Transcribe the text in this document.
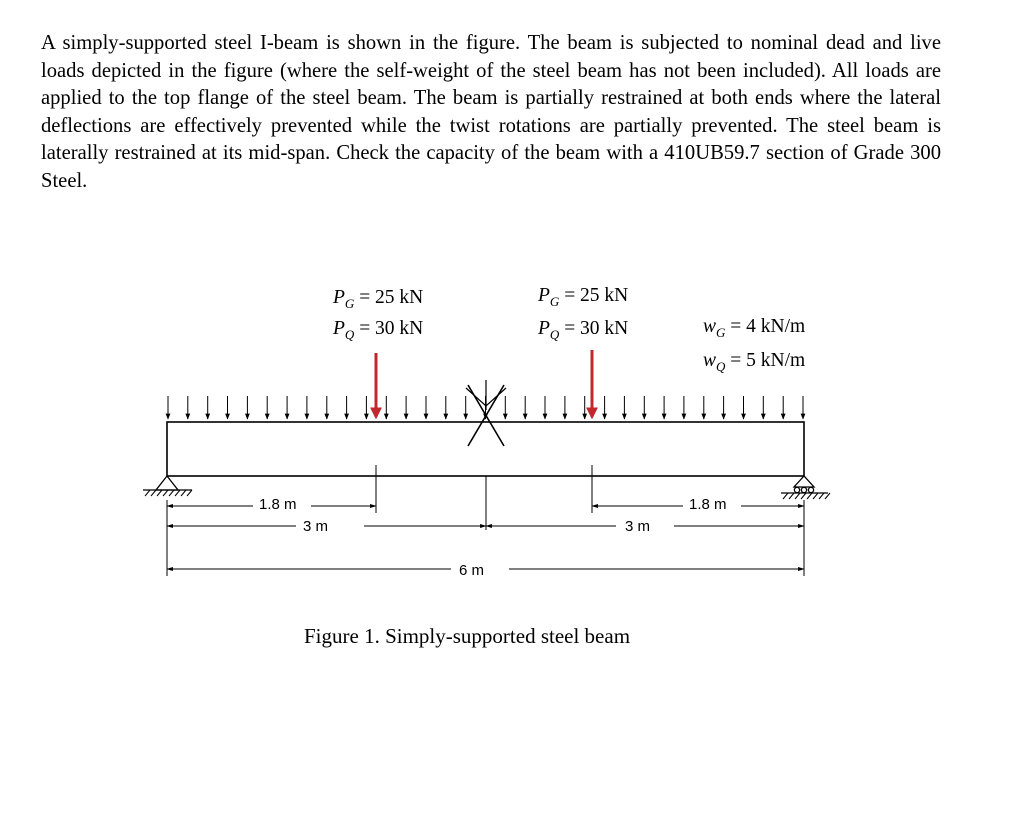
A simply-supported steel I-beam is shown in the figure. The beam is subjected to nominal dead and live loads depicted in the figure (where the self-weight of the steel beam has not been included). All loads are applied to the top flange of the steel beam. The beam is partially restrained at both ends where the lateral deflections are effectively prevented while the twist rotations are partially prevented. The steel beam is laterally restrained at its mid-span. Check the capacity of the beam with a 410UB59.7 section of Grade 300 Steel.

$P_G = 25$ kN
$P_Q = 30$ kN
$P_G = 25$ kN
$P_Q = 30$ kN	$w_G = 4$ kN/m
$w_Q = 5$ kN/m
1.8 m	1.8 m
3 m	3 m
6 m
Figure 1. Simply-supported steel beam
